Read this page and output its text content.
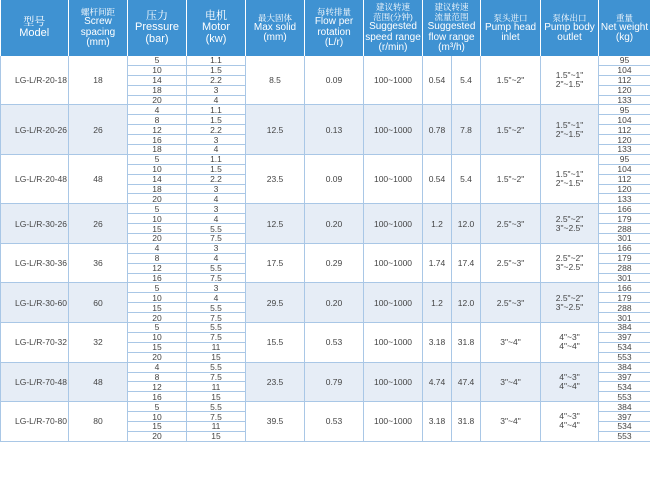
型号
Model	螺杆间距
Screw
spacing
(mm)	压力
Pressure
(bar)	电机
Motor
(kw)	最大固体
Max solid
(mm)	每转排量
Flow per
rotation
(L/r)	建议转速
范围(分钟)
Suggested
speed range
(r/min)	建议转速
流量范围
Suggested
flow range
(m³/h)		泵头进口
Pump head
inlet	泵体出口
Pump body
outlet	重量
Net weight
(kg)

LG-L/R-20-18	18	5	1.1	8.5	0.09	100~1000	0.54	5.4	1.5"~2"	1.5"~1"
2"~1.5"	95
		10	1.5								104
		14	2.2								112
		18	3								120
		20	4								133
LG-L/R-20-26	26	4	1.1	12.5	0.13	100~1000	0.78	7.8	1.5"~2"	1.5"~1"
2"~1.5"	95
		8	1.5								104
		12	2.2								112
		16	3								120
		18	4								133
LG-L/R-20-48	48	5	1.1	23.5	0.09	100~1000	0.54	5.4	1.5"~2"	1.5"~1"
2"~1.5"	95
		10	1.5								104
		14	2.2								112
		18	3								120
		20	4								133
LG-L/R-30-26	26	5	3	12.5	0.20	100~1000	1.2	12.0	2.5"~3"	2.5"~2"
3"~2.5"	166
		10	4								179
		15	5.5								288
		20	7.5								301
LG-L/R-30-36	36	4	3	17.5	0.29	100~1000	1.74	17.4	2.5"~3"	2.5"~2"
3"~2.5"	166
		8	4								179
		12	5.5								288
		16	7.5								301
LG-L/R-30-60	60	5	3	29.5	0.20	100~1000	1.2	12.0	2.5"~3"	2.5"~2"
3"~2.5"	166
		10	4								179
		15	5.5								288
		20	7.5								301
LG-L/R-70-32	32	5	5.5	15.5	0.53	100~1000	3.18	31.8	3"~4"	4"~3"
4"~4"	384
		10	7.5								397
		15	11								534
		20	15								553
LG-L/R-70-48	48	4	5.5	23.5	0.79	100~1000	4.74	47.4	3"~4"	4"~3"
4"~4"	384
		8	7.5								397
		12	11								534
		16	15								553
LG-L/R-70-80	80	5	5.5	39.5	0.53	100~1000	3.18	31.8	3"~4"	4"~3"
4"~4"	384
		10	7.5								397
		15	11								534
		20	15								553
